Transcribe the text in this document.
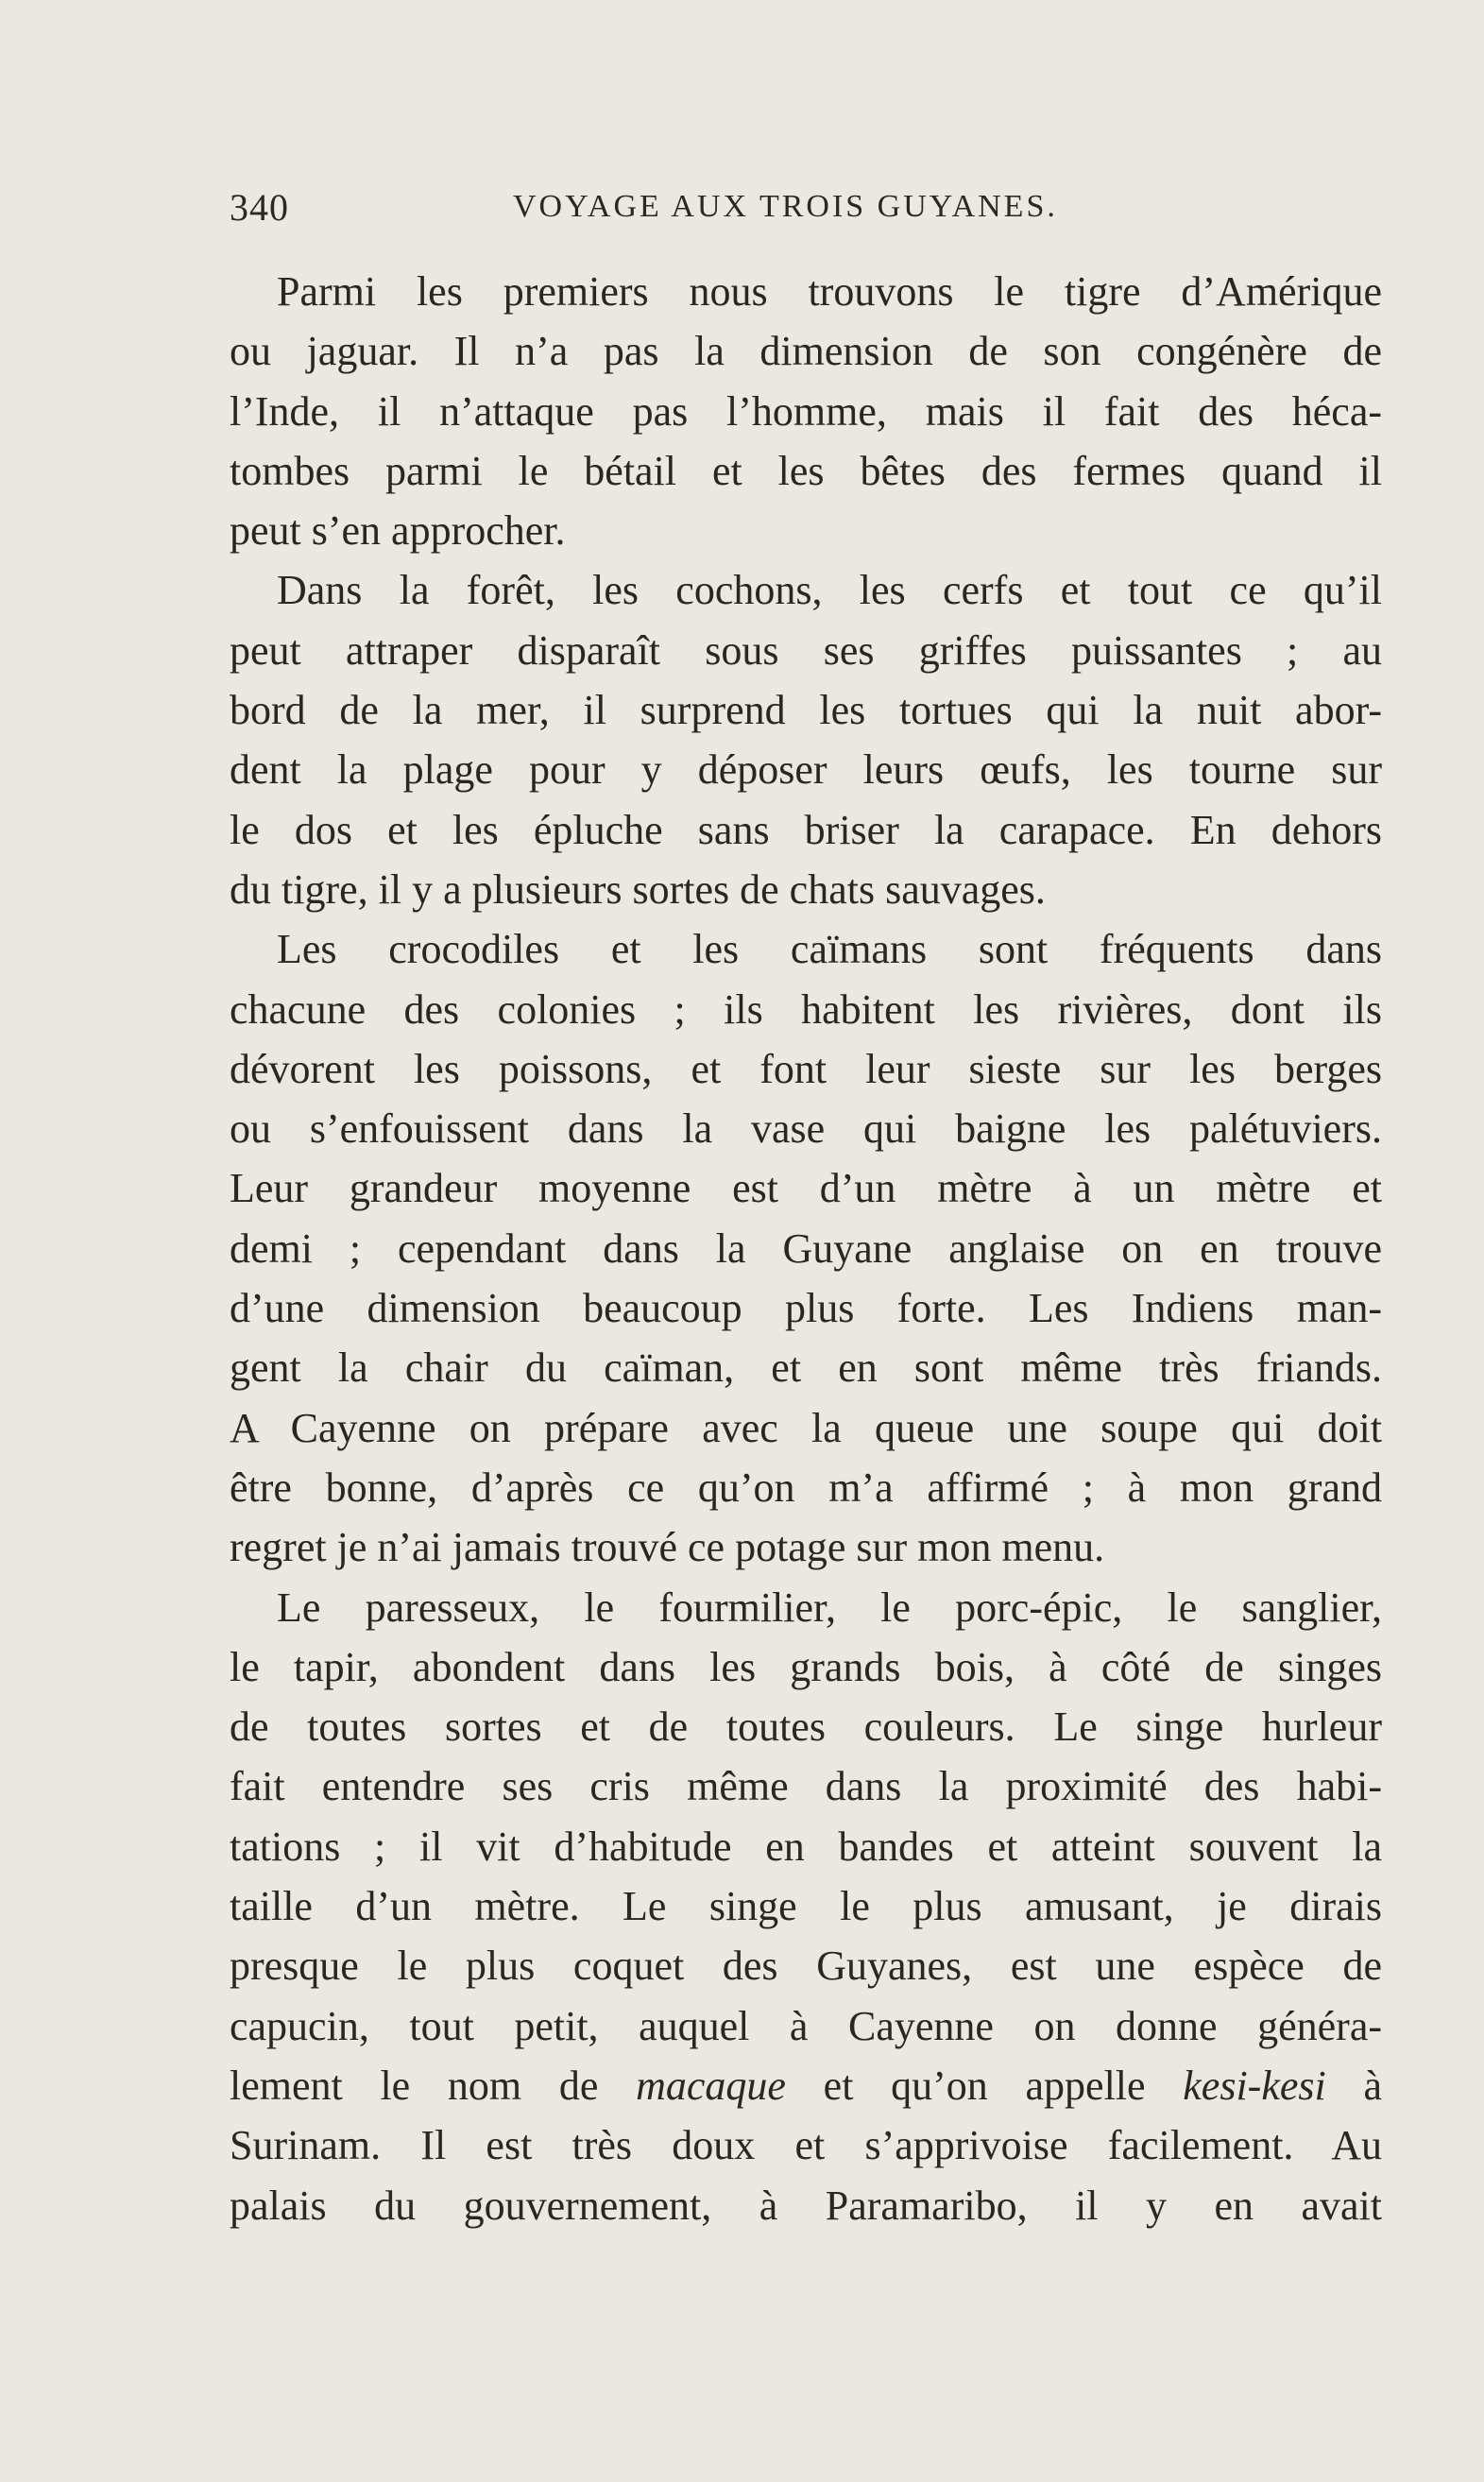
340	VOYAGE AUX TROIS GUYANES.
Parmi les premiers nous trouvons le tigre d’Amérique
ou jaguar. Il n’a pas la dimension de son congénère de
l’Inde, il n’attaque pas l’homme, mais il fait des héca-
tombes parmi le bétail et les bêtes des fermes quand il
peut s’en approcher.
Dans la forêt, les cochons, les cerfs et tout ce qu’il
peut attraper disparaît sous ses griffes puissantes ; au
bord de la mer, il surprend les tortues qui la nuit abor-
dent la plage pour y déposer leurs œufs, les tourne sur
le dos et les épluche sans briser la carapace. En dehors
du tigre, il y a plusieurs sortes de chats sauvages.
Les crocodiles et les caïmans sont fréquents dans
chacune des colonies ; ils habitent les rivières, dont ils
dévorent les poissons, et font leur sieste sur les berges
ou s’enfouissent dans la vase qui baigne les palétuviers.
Leur grandeur moyenne est d’un mètre à un mètre et
demi ; cependant dans la Guyane anglaise on en trouve
d’une dimension beaucoup plus forte. Les Indiens man-
gent la chair du caïman, et en sont même très friands.
A Cayenne on prépare avec la queue une soupe qui doit
être bonne, d’après ce qu’on m’a affirmé ; à mon grand
regret je n’ai jamais trouvé ce potage sur mon menu.
Le paresseux, le fourmilier, le porc-épic, le sanglier,
le tapir, abondent dans les grands bois, à côté de singes
de toutes sortes et de toutes couleurs. Le singe hurleur
fait entendre ses cris même dans la proximité des habi-
tations ; il vit d’habitude en bandes et atteint souvent la
taille d’un mètre. Le singe le plus amusant, je dirais
presque le plus coquet des Guyanes, est une espèce de
capucin, tout petit, auquel à Cayenne on donne généra-
lement le nom de macaque et qu’on appelle kesi-kesi à
Surinam. Il est très doux et s’apprivoise facilement. Au
palais du gouvernement, à Paramaribo, il y en avait
